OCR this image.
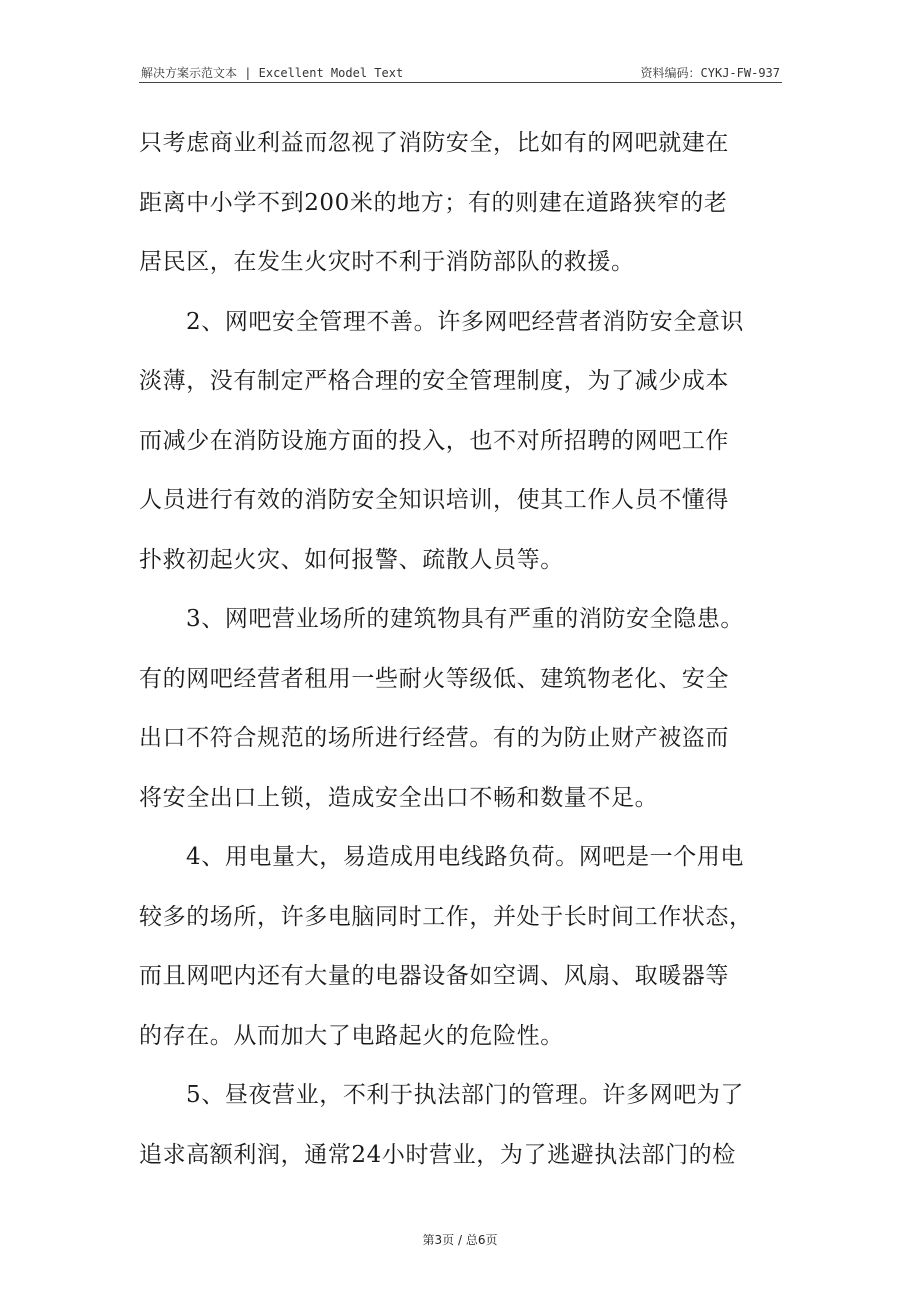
解决方案示范文本 | Excellent Model Text	资料编码：CYKJ-FW-937
只考虑商业利益而忽视了消防安全，比如有的网吧就建在
距离中小学不到200米的地方；有的则建在道路狭窄的老
居民区，在发生火灾时不利于消防部队的救援。
2、网吧安全管理不善。许多网吧经营者消防安全意识
淡薄，没有制定严格合理的安全管理制度，为了减少成本
而减少在消防设施方面的投入，也不对所招聘的网吧工作
人员进行有效的消防安全知识培训，使其工作人员不懂得
扑救初起火灾、如何报警、疏散人员等。
3、网吧营业场所的建筑物具有严重的消防安全隐患。
有的网吧经营者租用一些耐火等级低、建筑物老化、安全
出口不符合规范的场所进行经营。有的为防止财产被盗而
将安全出口上锁，造成安全出口不畅和数量不足。
4、用电量大，易造成用电线路负荷。网吧是一个用电
较多的场所，许多电脑同时工作，并处于长时间工作状态，
而且网吧内还有大量的电器设备如空调、风扇、取暖器等
的存在。从而加大了电路起火的危险性。
5、昼夜营业，不利于执法部门的管理。许多网吧为了
追求高额利润，通常24小时营业，为了逃避执法部门的检
第3页 / 总6页
